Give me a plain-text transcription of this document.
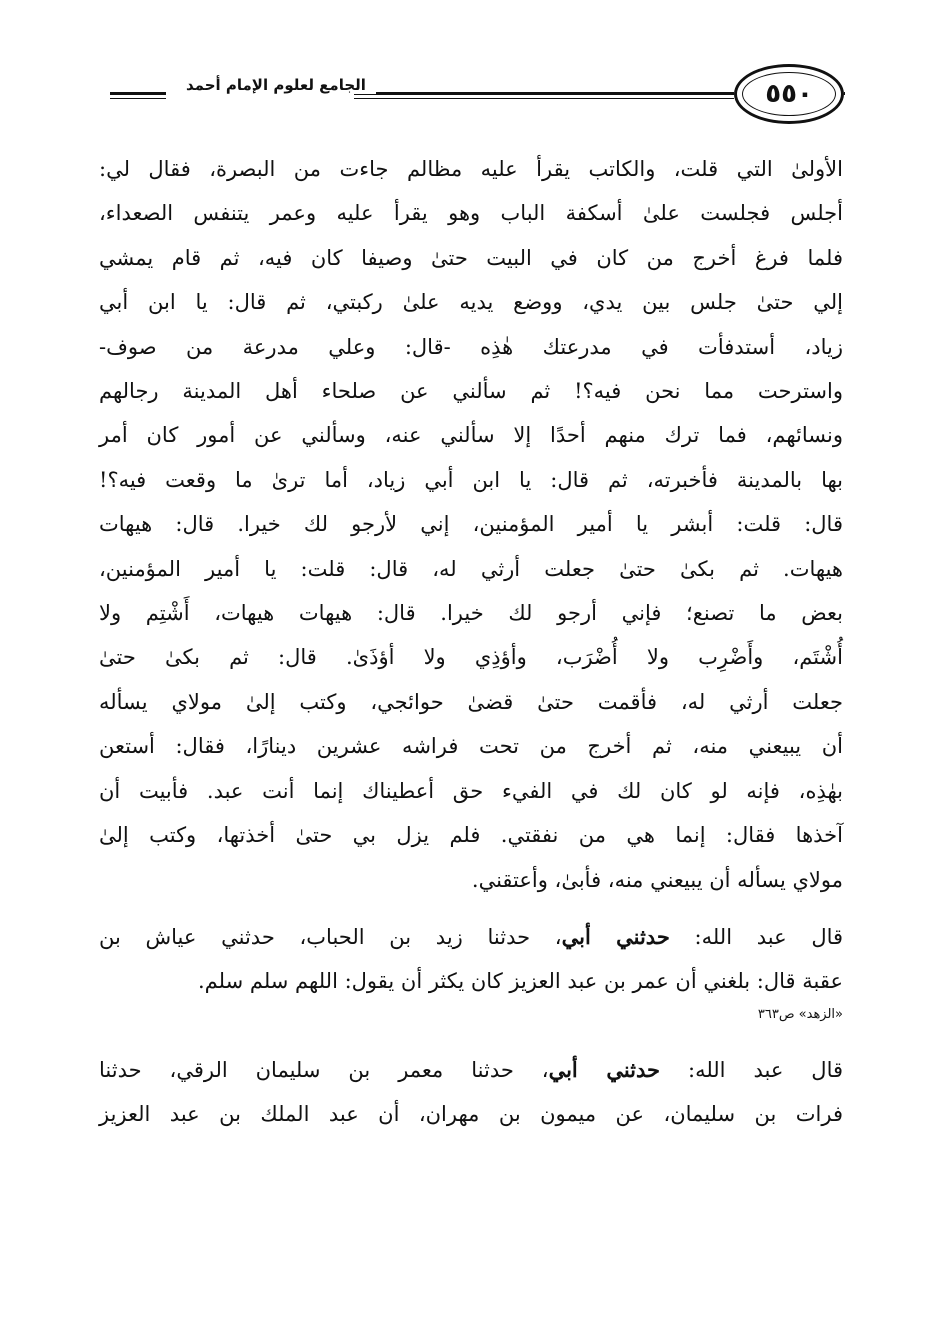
الجامع لعلوم الإمام أحمد	٥٥٠

الأولىٰ التي قلت، والكاتب يقرأ عليه مظالم جاءت من البصرة، فقال لي:

أجلس فجلست علىٰ أسكفة الباب وهو يقرأ عليه وعمر يتنفس الصعداء،

فلما فرغ أخرج من كان في البيت حتىٰ وصيفا كان فيه، ثم قام يمشي

إلي حتىٰ جلس بين يدي، ووضع يديه علىٰ ركبتي، ثم قال: يا ابن أبي

زياد، أستدفأت في مدرعتك هٰذِه -قال: وعلي مدرعة من صوف-

واسترحت مما نحن فيه؟! ثم سألني عن صلحاء أهل المدينة رجالهم

ونسائهم، فما ترك منهم أحدًا إلا سألني عنه، وسألني عن أمور كان أمر

بها بالمدينة فأخبرته، ثم قال: يا ابن أبي زياد، أما ترىٰ ما وقعت فيه؟!

قال: قلت: أبشر يا أمير المؤمنين، إني لأرجو لك خيرا. قال: هيهات

هيهات. ثم بكىٰ حتىٰ جعلت أرثي له، قال: قلت: يا أمير المؤمنين،

بعض ما تصنع؛ فإني أرجو لك خيرا. قال: هيهات هيهات، أَشْتِم ولا

أُشْتَم، وأَضْرِب ولا أُضْرَب، وأؤذِي ولا أؤذَىٰ. قال: ثم بكىٰ حتىٰ

جعلت أرثي له، فأقمت حتىٰ قضىٰ حوائجي، وكتب إلىٰ مولاي يسأله

أن يبيعني منه، ثم أخرج من تحت فراشه عشرين دينارًا، فقال: أستعن

بهٰذِه، فإنه لو كان لك في الفيء حق أعطيناك إنما أنت عبد. فأبيت أن

آخذها فقال: إنما هي من نفقتي. فلم يزل بي حتىٰ أخذتها، وكتب إلىٰ

مولاي يسأله أن يبيعني منه، فأبىٰ، وأعتقني.

قال عبد الله: حدثني أبي، حدثنا زيد بن الحباب، حدثني عياش بن

عقبة قال: بلغني أن عمر بن عبد العزيز كان يكثر أن يقول: اللهم سلم سلم.

«الزهد» ص٣٦٣

قال عبد الله: حدثني أبي، حدثنا معمر بن سليمان الرقي، حدثنا

فرات بن سليمان، عن ميمون بن مهران، أن عبد الملك بن عبد العزيز
